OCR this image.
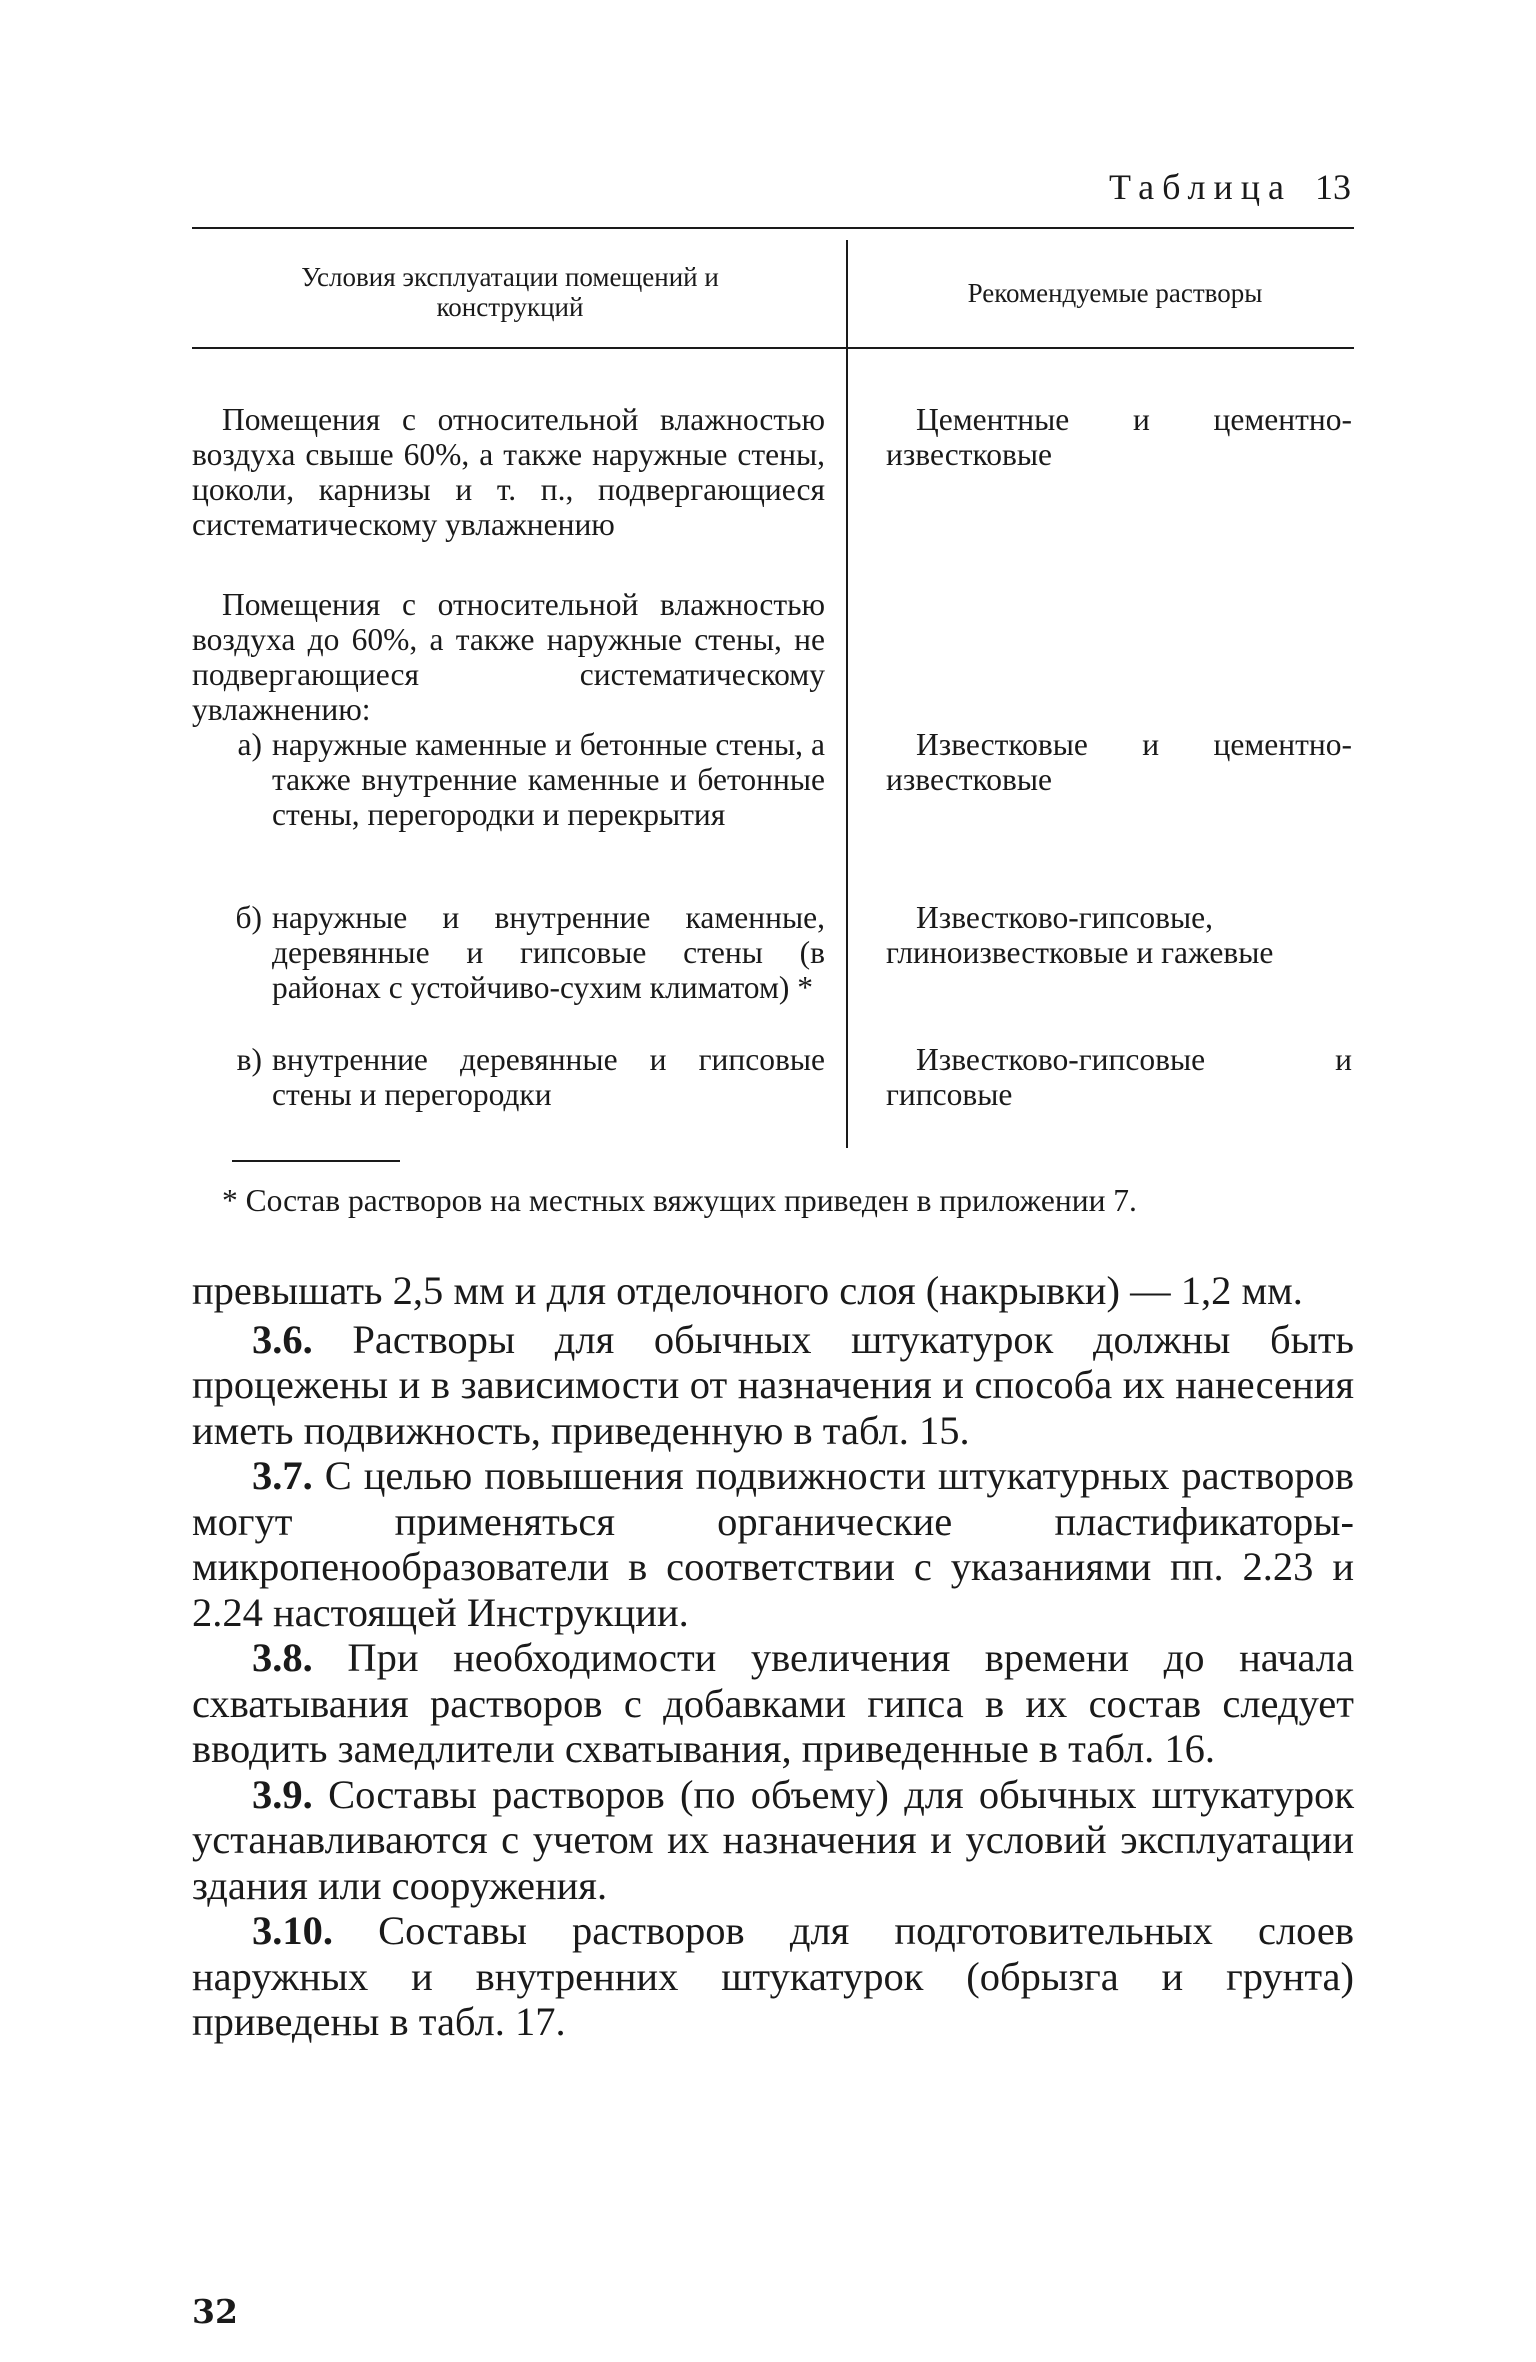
Таблица 13
Условия эксплуатации помещений и конструкций	Рекомендуемые растворы
Помещения с относительной влажностью воздуха свыше 60%, а также наружные стены, цоколи, карнизы и т. п., подвергающиеся систематическому увлажнению
Цементные и цементно-известковые
Помещения с относительной влажностью воздуха до 60%, а также наружные стены, не подвергающиеся систематическому увлажнению:
а) наружные каменные и бетонные стены, а также внутренние каменные и бетонные стены, перегородки и перекрытия
Известковые и цементно-известковые
б) наружные и внутренние каменные, деревянные и гипсовые стены (в районах с устойчиво-сухим климатом) *
Известково-гипсовые, глиноизвестковые и гажевые
в) внутренние деревянные и гипсовые стены и перегородки
Известково-гипсовые и гипсовые
* Состав растворов на местных вяжущих приведен в приложении 7.

превышать 2,5 мм и для отделочного слоя (накрывки) — 1,2 мм.

3.6. Растворы для обычных штукатурок должны быть процежены и в зависимости от назначения и способа их нанесения иметь подвижность, приведенную в табл. 15.

3.7. С целью повышения подвижности штукатурных растворов могут применяться органические пластификаторы-микропенообразователи в соответствии с указаниями пп. 2.23 и 2.24 настоящей Инструкции.

3.8. При необходимости увеличения времени до начала схватывания растворов с добавками гипса в их состав следует вводить замедлители схватывания, приведенные в табл. 16.

3.9. Составы растворов (по объему) для обычных штукатурок устанавливаются с учетом их назначения и условий эксплуатации здания или сооружения.

3.10. Составы растворов для подготовительных слоев наружных и внутренних штукатурок (обрызга и грунта) приведены в табл. 17.

32
